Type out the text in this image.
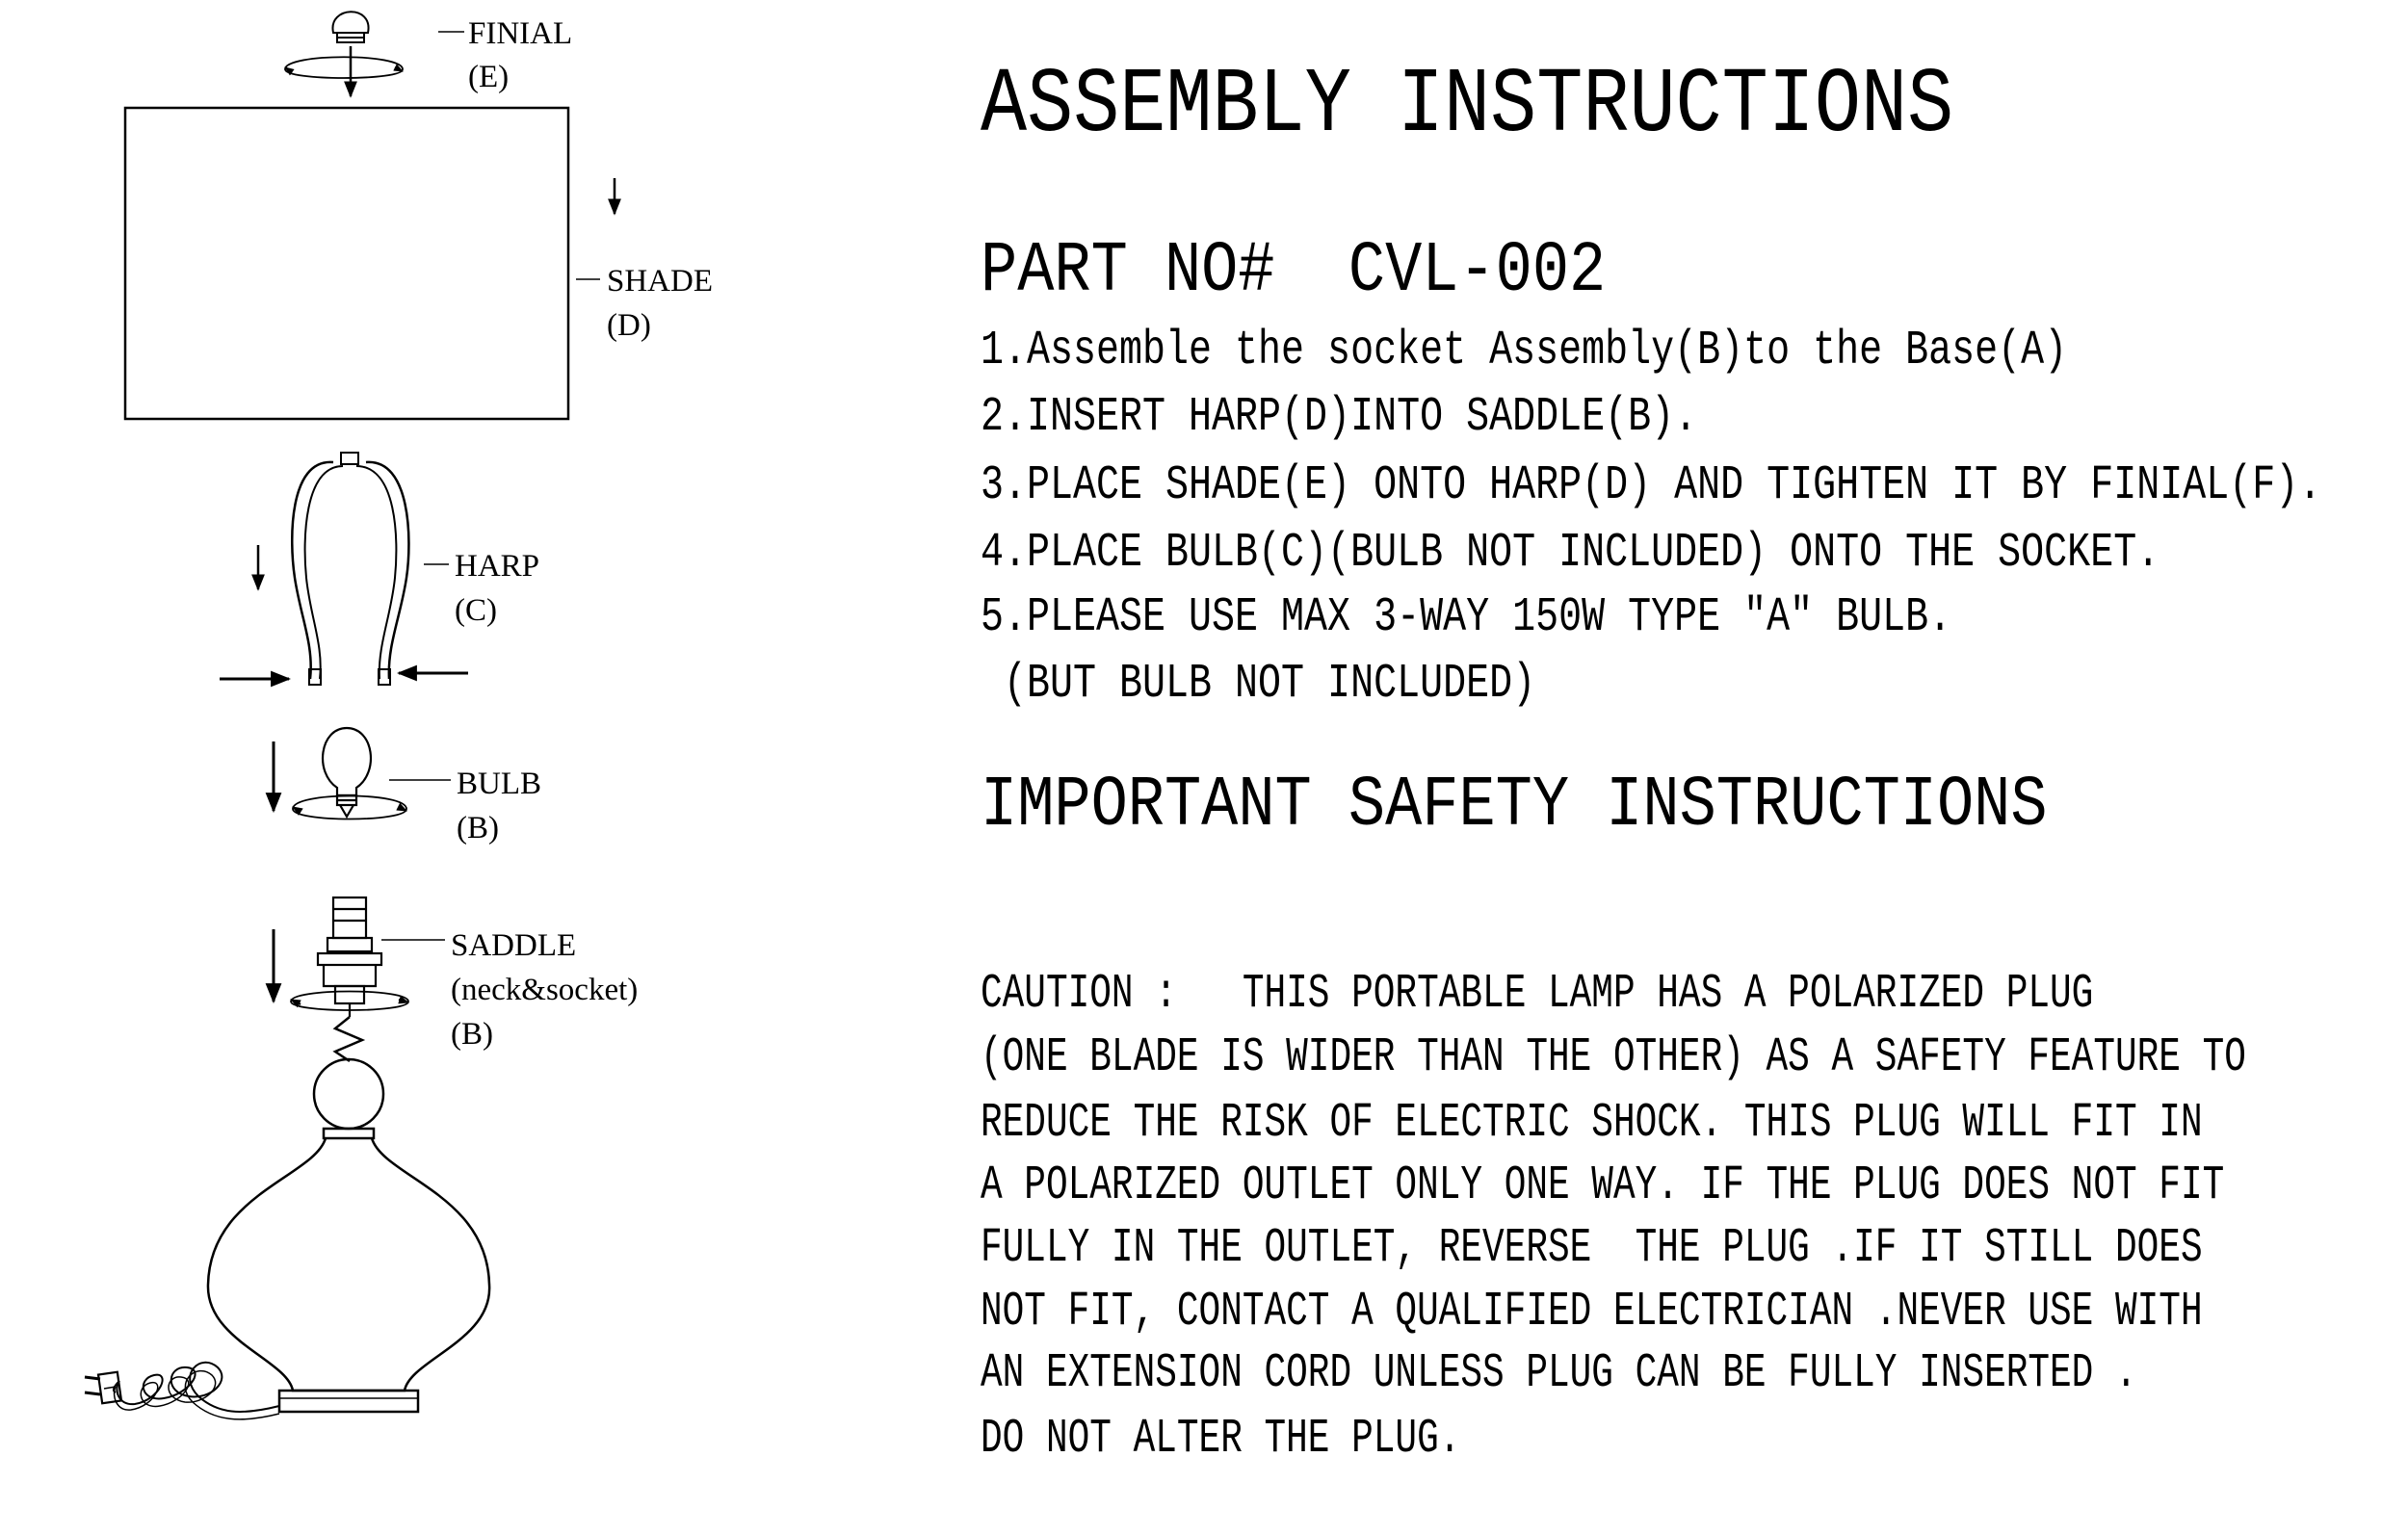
FINIAL
(E)
SHADE
(D)
HARP
(C)
BULB
(B)
SADDLE
(neck&socket)
(B)
ASSEMBLY INSTRUCTIONS
PART NO#  CVL-002
1.Assemble the socket Assembly(B)to the Base(A)
2.INSERT HARP(D)INTO SADDLE(B).
3.PLACE SHADE(E) ONTO HARP(D) AND TIGHTEN IT BY FINIAL(F).
4.PLACE BULB(C)(BULB NOT INCLUDED) ONTO THE SOCKET.
5.PLEASE USE MAX 3-WAY 150W TYPE "A" BULB.
(BUT BULB NOT INCLUDED)
IMPORTANT SAFETY INSTRUCTIONS
CAUTION :   THIS PORTABLE LAMP HAS A POLARIZED PLUG
(ONE BLADE IS WIDER THAN THE OTHER) AS A SAFETY FEATURE TO
REDUCE THE RISK OF ELECTRIC SHOCK. THIS PLUG WILL FIT IN
A POLARIZED OUTLET ONLY ONE WAY. IF THE PLUG DOES NOT FIT
FULLY IN THE OUTLET, REVERSE  THE PLUG .IF IT STILL DOES
NOT FIT, CONTACT A QUALIFIED ELECTRICIAN .NEVER USE WITH
AN EXTENSION CORD UNLESS PLUG CAN BE FULLY INSERTED .
DO NOT ALTER THE PLUG.
